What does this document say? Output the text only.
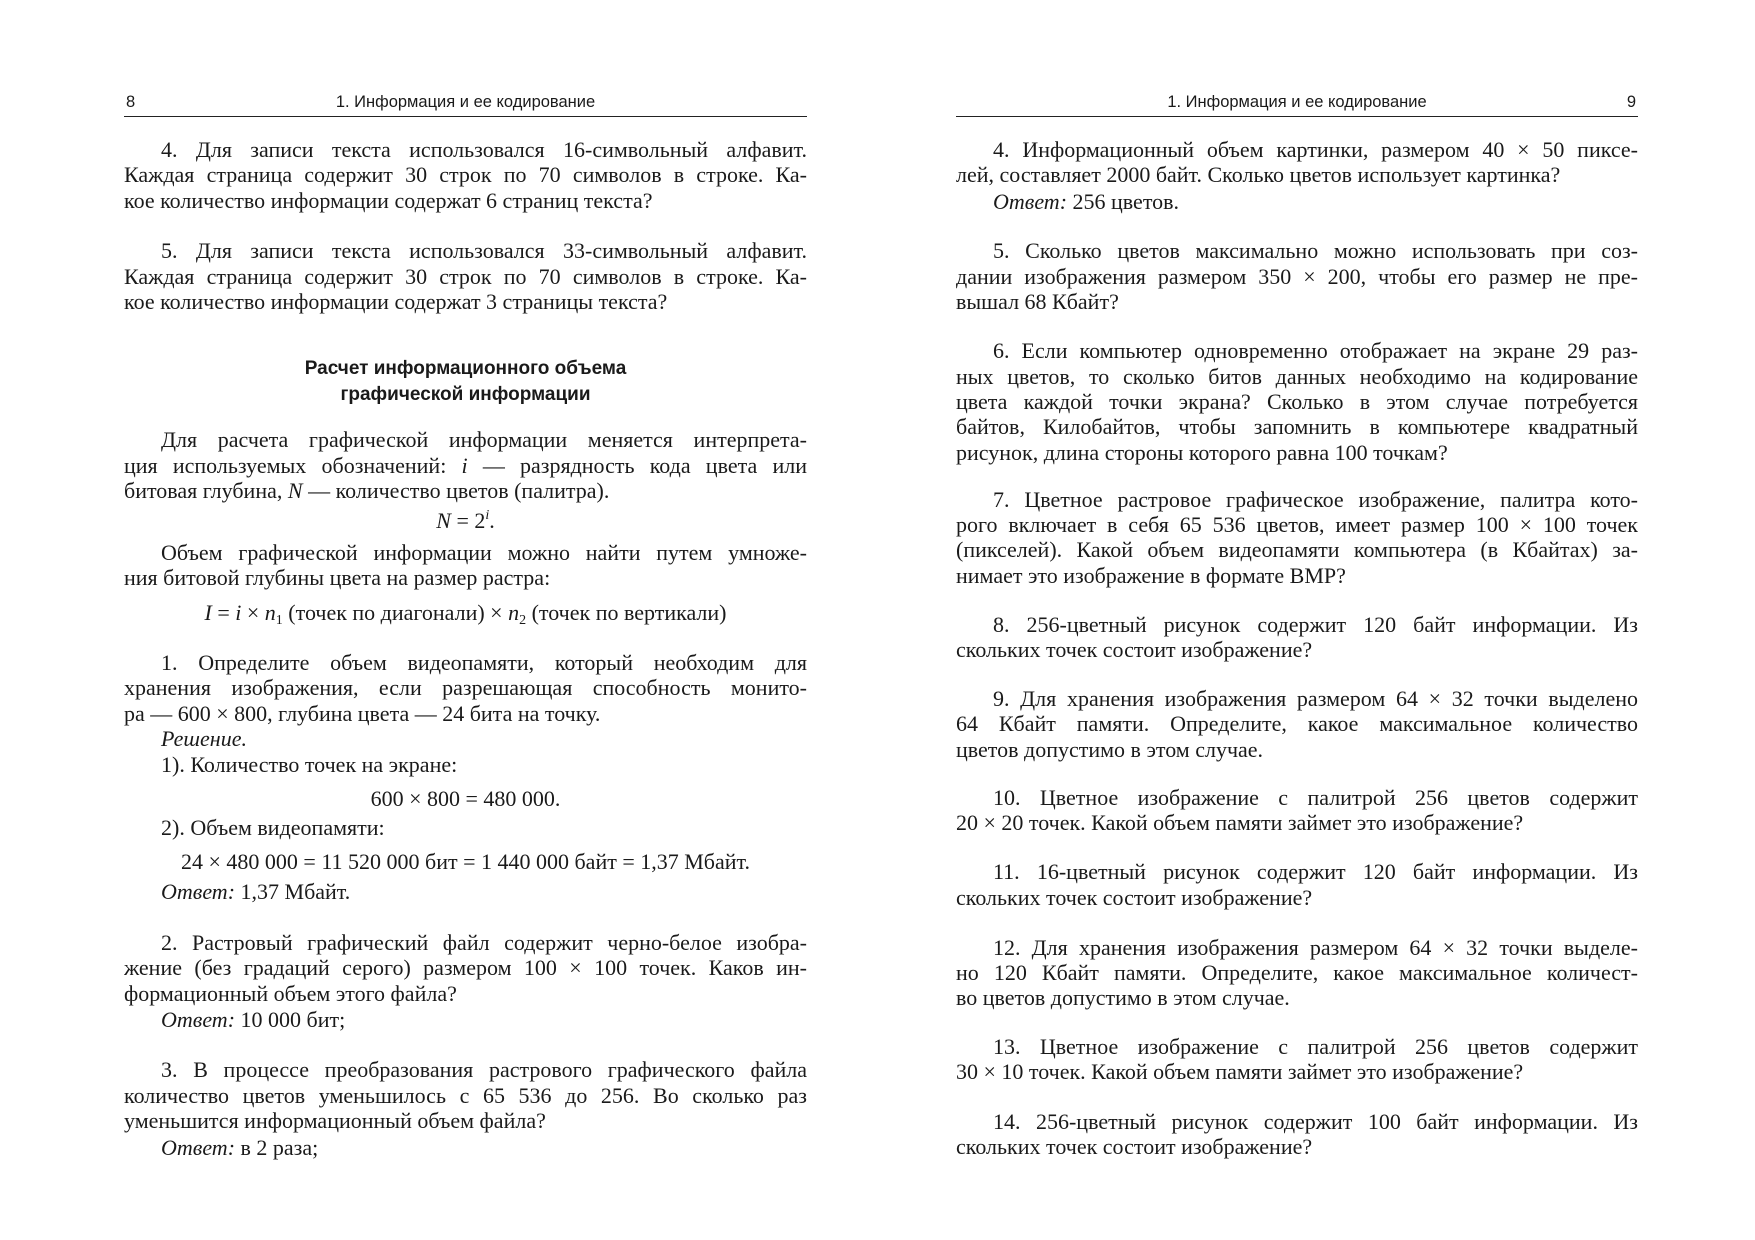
8	1. Информация и ее кодирование
4. Для записи текста использовался 16-символьный алфавит.
Каждая страница содержит 30 строк по 70 символов в строке. Ка-
кое количество информации содержат 6 страниц текста?
5. Для записи текста использовался 33-символьный алфавит.
Каждая страница содержит 30 строк по 70 символов в строке. Ка-
кое количество информации содержат 3 страницы текста?
Расчет информационного объема
графической информации
Для расчета графической информации меняется интерпрета-
ция используемых обозначений: i — разрядность кода цвета или
битовая глубина, N — количество цветов (палитра).
$N = 2^i$.
Объем графической информации можно найти путем умноже-
ния битовой глубины цвета на размер растра:
$I = i \times n_1$ (точек по диагонали) × $n_2$ (точек по вертикали)
1. Определите объем видеопамяти, который необходим для
хранения изображения, если разрешающая способность монито-
ра — 600 × 800, глубина цвета — 24 бита на точку.
Решение.
1). Количество точек на экране:
600 × 800 = 480 000.
2). Объем видеопамяти:
24 × 480 000 = 11 520 000 бит = 1 440 000 байт = 1,37 Мбайт.
Ответ: 1,37 Мбайт.
2. Растровый графический файл содержит черно-белое изобра-
жение (без градаций серого) размером 100 × 100 точек. Каков ин-
формационный объем этого файла?
Ответ: 10 000 бит;
3. В процессе преобразования растрового графического файла
количество цветов уменьшилось с 65 536 до 256. Во сколько раз
уменьшится информационный объем файла?
Ответ: в 2 раза;
1. Информация и ее кодирование	9
4. Информационный объем картинки, размером 40 × 50 пиксе-
лей, составляет 2000 байт. Сколько цветов использует картинка?
Ответ: 256 цветов.
5. Сколько цветов максимально можно использовать при соз-
дании изображения размером 350 × 200, чтобы его размер не пре-
вышал 68 Кбайт?
6. Если компьютер одновременно отображает на экране 29 раз-
ных цветов, то сколько битов данных необходимо на кодирование
цвета каждой точки экрана? Сколько в этом случае потребуется
байтов, Килобайтов, чтобы запомнить в компьютере квадратный
рисунок, длина стороны которого равна 100 точкам?
7. Цветное растровое графическое изображение, палитра кото-
рого включает в себя 65 536 цветов, имеет размер 100 × 100 точек
(пикселей). Какой объем видеопамяти компьютера (в Кбайтах) за-
нимает это изображение в формате BMP?
8. 256-цветный рисунок содержит 120 байт информации. Из
скольких точек состоит изображение?
9. Для хранения изображения размером 64 × 32 точки выделено
64 Кбайт памяти. Определите, какое максимальное количество
цветов допустимо в этом случае.
10. Цветное изображение с палитрой 256 цветов содержит
20 × 20 точек. Какой объем памяти займет это изображение?
11. 16-цветный рисунок содержит 120 байт информации. Из
скольких точек состоит изображение?
12. Для хранения изображения размером 64 × 32 точки выделе-
но 120 Кбайт памяти. Определите, какое максимальное количест-
во цветов допустимо в этом случае.
13. Цветное изображение с палитрой 256 цветов содержит
30 × 10 точек. Какой объем памяти займет это изображение?
14. 256-цветный рисунок содержит 100 байт информации. Из
скольких точек состоит изображение?
